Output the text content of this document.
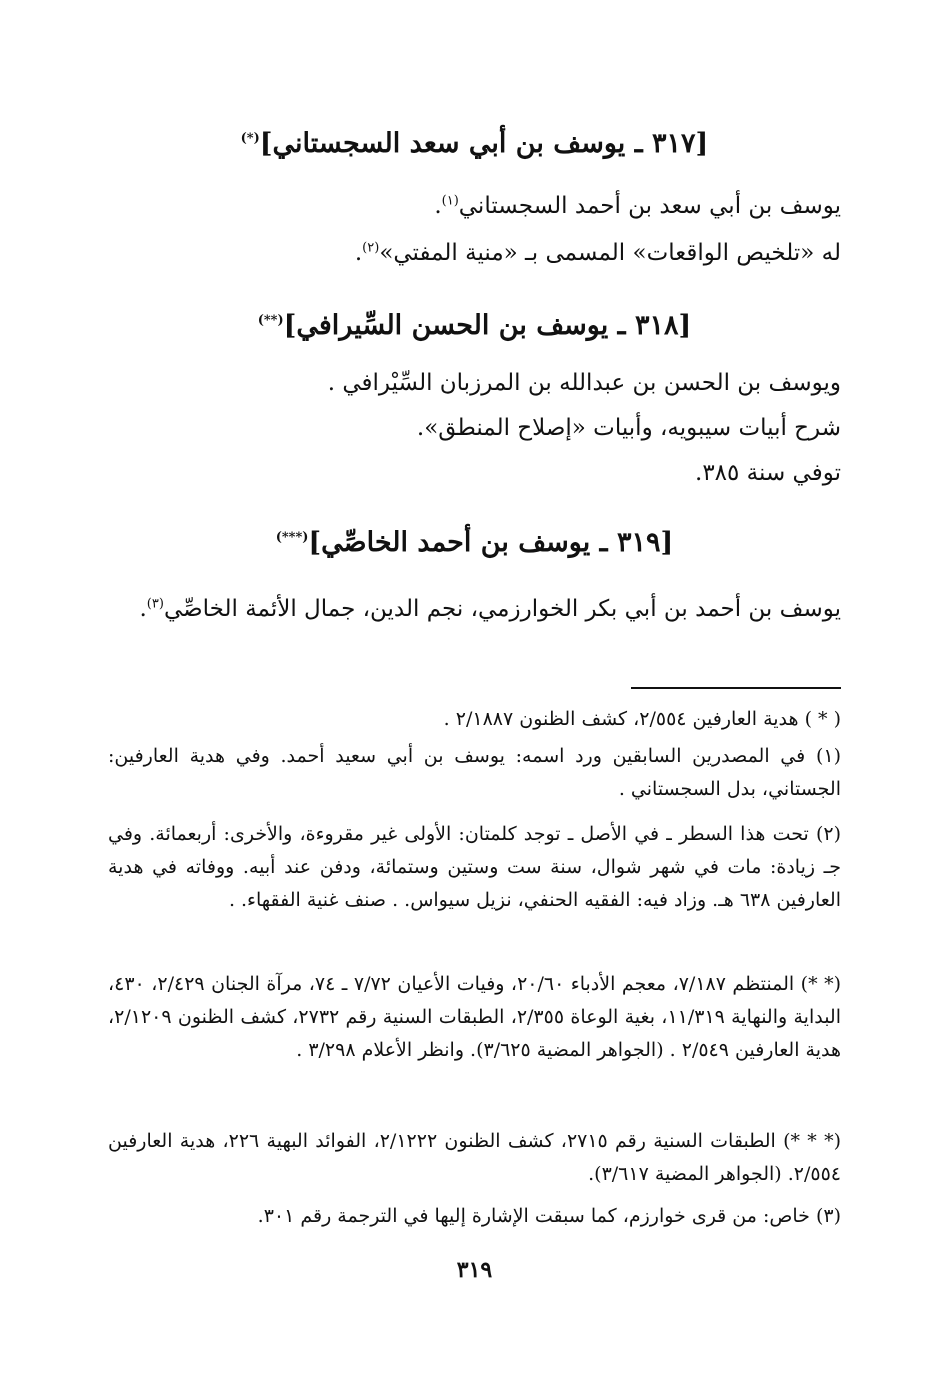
[٣١٧ ـ يوسف بن أبي سعد السجستاني](*)
يوسف بن أبي سعد بن أحمد السجستاني$^{(١)}$.
له «تلخيص الواقعات» المسمى بـ «منية المفتي»$^{(٢)}$.
[٣١٨ ـ يوسف بن الحسن السِّيرافي](**)
ويوسف بن الحسن بن عبدالله بن المرزبان السِّيْرافي .
شرح أبيات سيبويه، وأبيات «إصلاح المنطق».
توفي سنة ٣٨٥.
[٣١٩ ـ يوسف بن أحمد الخاصِّي](***)
يوسف بن أحمد بن أبي بكر الخوارزمي، نجم الدين، جمال الأئمة الخاصِّي$^{(٣)}$.
( * ) هدية العارفين ٢/٥٥٤، كشف الظنون ٢/١٨٨٧ .
(١) في المصدرين السابقين ورد اسمه: يوسف بن أبي سعيد أحمد. وفي هدية العارفين: الجستاني، بدل السجستاني .
(٢) تحت هذا السطر ـ في الأصل ـ توجد كلمتان: الأولى غير مقروءة، والأخرى: أربعمائة. وفي جـ زيادة: مات في شهر شوال، سنة ست وستين وستمائة، ودفن عند أبيه. ووفاته في هدية العارفين ٦٣٨ هـ. وزاد فيه: الفقيه الحنفي، نزيل سيواس. . صنف غنية الفقهاء. .
(* *) المنتظم ٧/١٨٧، معجم الأدباء ٢٠/٦٠، وفيات الأعيان ٧/٧٢ ـ ٧٤، مرآة الجنان ٢/٤٢٩، ٤٣٠، البداية والنهاية ١١/٣١٩، بغية الوعاة ٢/٣٥٥، الطبقات السنية رقم ٢٧٣٢، كشف الظنون ٢/١٢٠٩، هدية العارفين ٢/٥٤٩ . (الجواهر المضية ٣/٦٢٥). وانظر الأعلام ٣/٢٩٨ .
(* * *) الطبقات السنية رقم ٢٧١٥، كشف الظنون ٢/١٢٢٢، الفوائد البهية ٢٢٦، هدية العارفين ٢/٥٥٤. (الجواهر المضية ٣/٦١٧).
(٣) خاص: من قرى خوارزم، كما سبقت الإشارة إليها في الترجمة رقم ٣٠١.
٣١٩
